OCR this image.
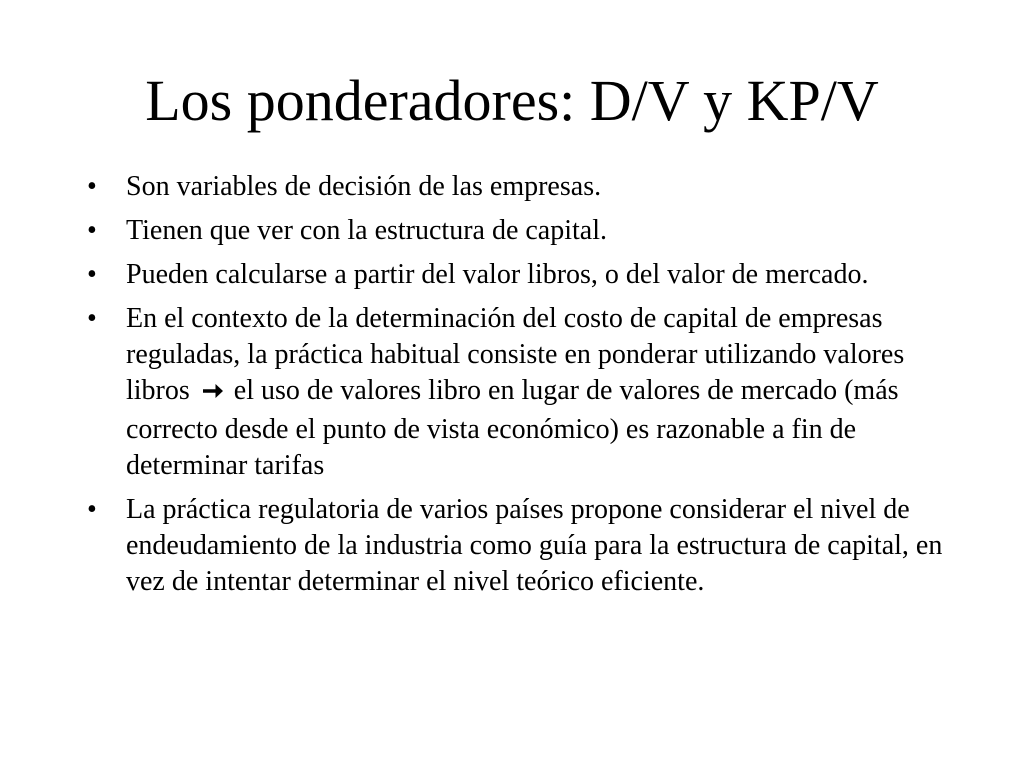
Los ponderadores: D/V y KP/V
• Son variables de decisión de las empresas.
• Tienen que ver con la estructura de capital.
• Pueden calcularse a partir del valor libros, o del valor de mercado.
• En el contexto de la determinación del costo de capital de empresas reguladas, la práctica habitual consiste en ponderar utilizando valores libros el uso de valores libro en lugar de valores de mercado (más correcto desde el punto de vista económico) es razonable a fin de determinar tarifas
• La práctica regulatoria de varios países propone considerar el nivel de endeudamiento de la industria como guía para la estructura de capital, en vez de intentar determinar el nivel teórico eficiente.
